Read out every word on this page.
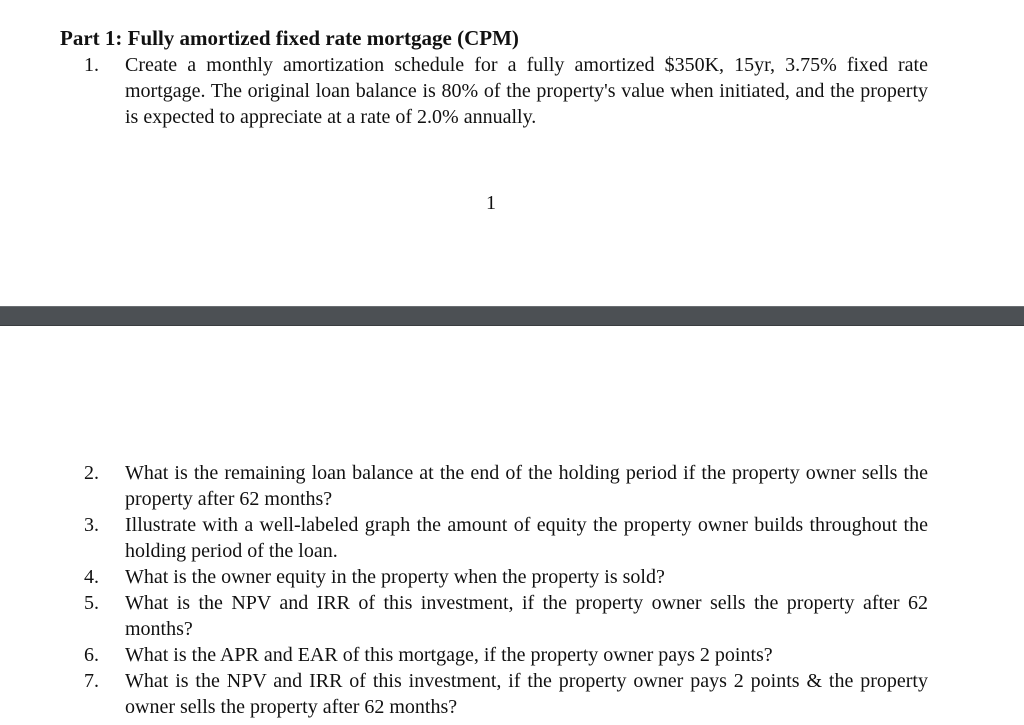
Part 1: Fully amortized fixed rate mortgage (CPM)
1.	Create a monthly amortization schedule for a fully amortized $350K, 15yr, 3.75% fixed rate mortgage. The original loan balance is 80% of the property's value when initiated, and the property is expected to appreciate at a rate of 2.0% annually.
1
2.	What is the remaining loan balance at the end of the holding period if the property owner sells the property after 62 months?
3.	Illustrate with a well-labeled graph the amount of equity the property owner builds throughout the holding period of the loan.
4.	What is the owner equity in the property when the property is sold?
5.	What is the NPV and IRR of this investment, if the property owner sells the property after 62 months?
6.	What is the APR and EAR of this mortgage, if the property owner pays 2 points?
7.	What is the NPV and IRR of this investment, if the property owner pays 2 points & the property owner sells the property after 62 months?
